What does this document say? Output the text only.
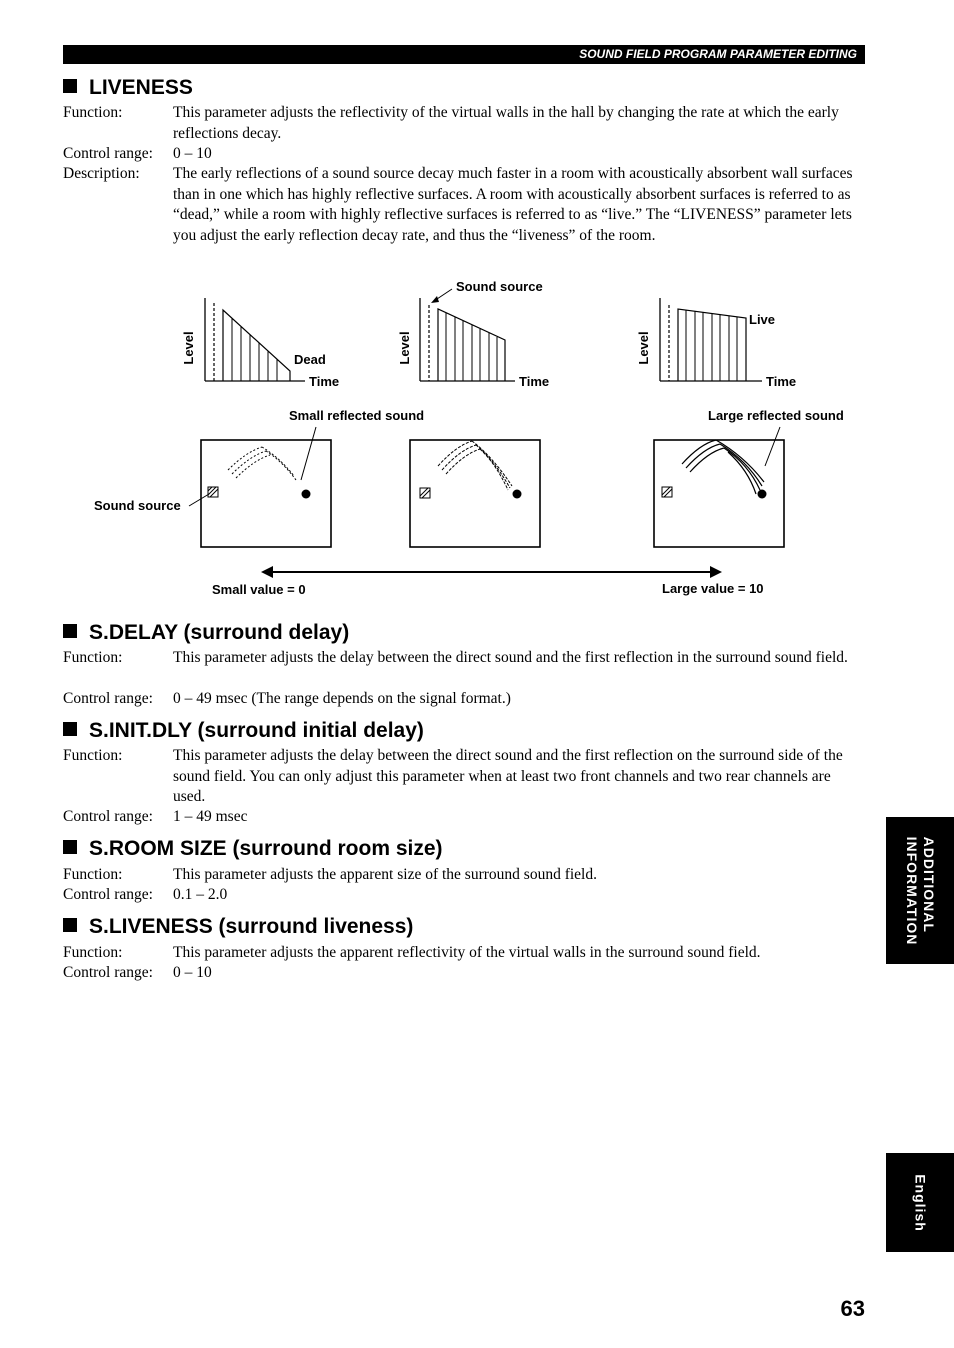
SOUND FIELD PROGRAM PARAMETER EDITING
LIVENESS
Function:	This parameter adjusts the reflectivity of the virtual walls in the hall by changing the rate at which the early reflections decay.
Control range:	0 – 10
Description:	The early reflections of a sound source decay much faster in a room with acoustically absorbent wall surfaces than in one which has highly reflective surfaces. A room with acoustically absorbent surfaces is referred to as “dead,” while a room with highly reflective surfaces is referred to as “live.” The “LIVENESS” parameter lets you adjust the early reflection decay rate, and thus the “liveness” of the room.
Level	Dead
Time
Level
Time
Sound source
Level
Live
Time
Small reflected sound	Large reflected sound
Sound source
Small value = 0	Large value = 10
S.DELAY (surround delay)
Function:	This parameter adjusts the delay between the direct sound and the first reflection in the surround sound field.
Control range:	0 – 49 msec (The range depends on the signal format.)
S.INIT.DLY (surround initial delay)
Function:	This parameter adjusts the delay between the direct sound and the first reflection on the surround side of the sound field. You can only adjust this parameter when at least two front channels and two rear channels are used.
Control range:	1 – 49 msec
S.ROOM SIZE (surround room size)
Function:	This parameter adjusts the apparent size of the surround sound field.
Control range:	0.1 – 2.0
S.LIVENESS (surround liveness)
Function:	This parameter adjusts the apparent reflectivity of the virtual walls in the surround sound field.
Control range:	0 – 10
ADDITIONAL
INFORMATION
English
63
